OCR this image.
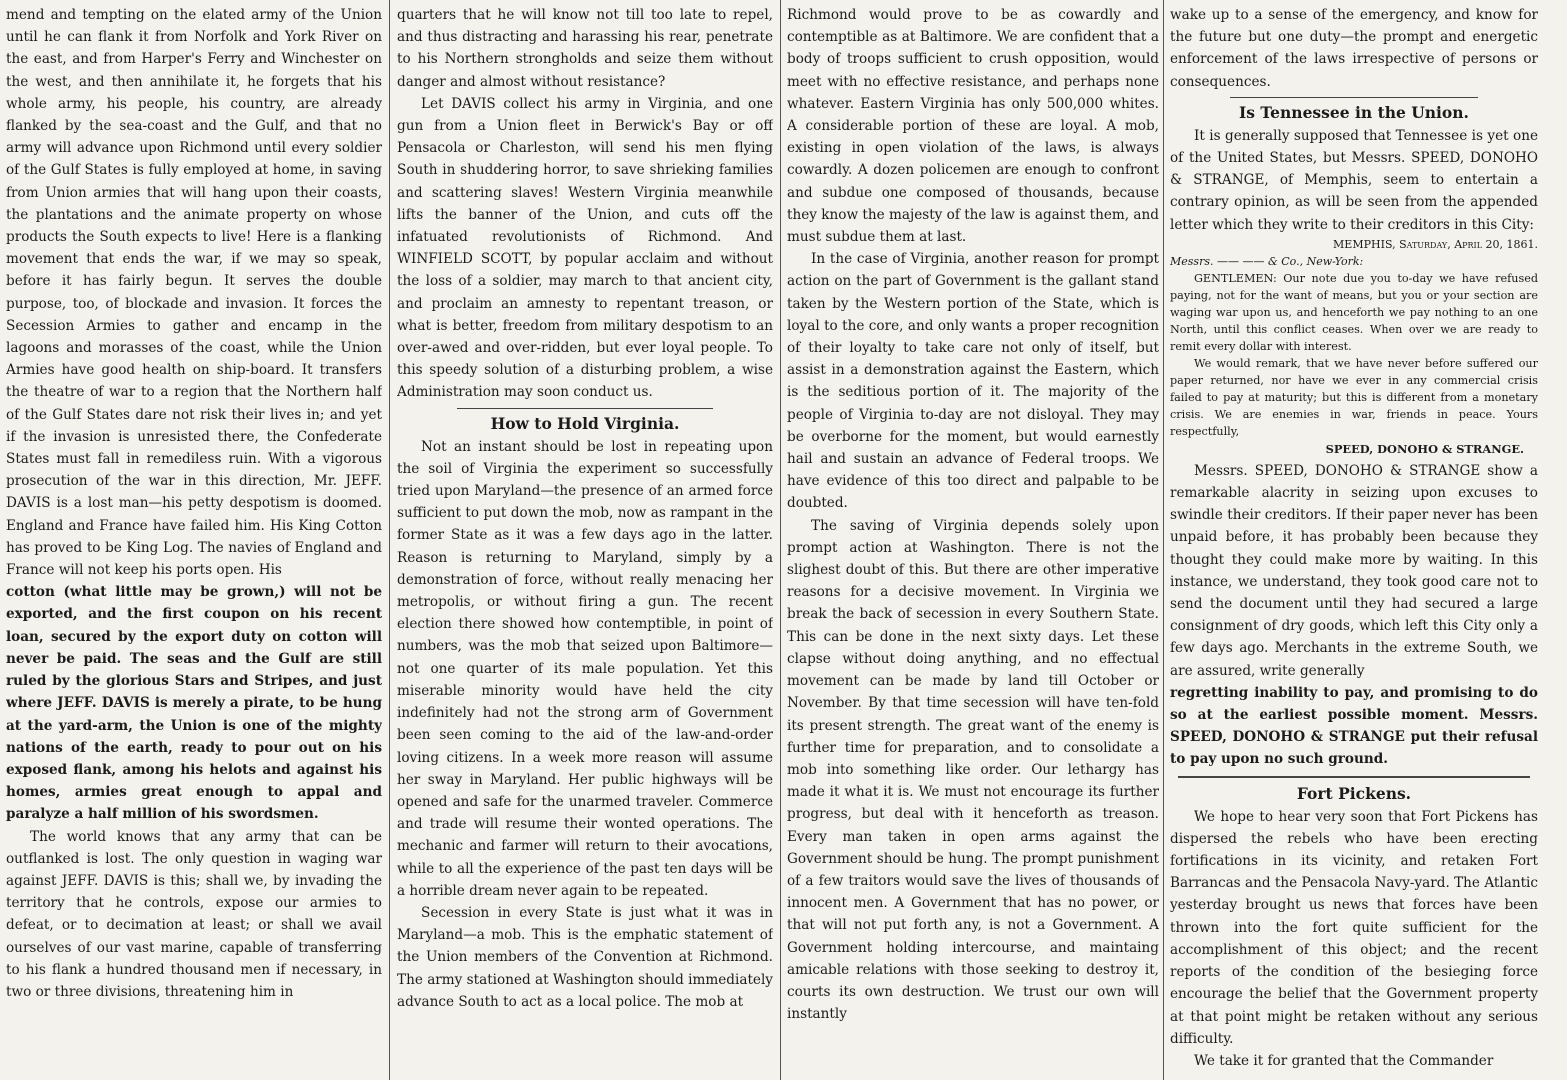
mend and tempting on the elated army of the Union until he can flank it from Norfolk and York River on the east, and from Harper's Ferry and Winchester on the west, and then annihilate it, he forgets that his whole army, his people, his country, are already flanked by the sea-coast and the Gulf, and that no army will advance upon Richmond until every soldier of the Gulf States is fully employed at home, in saving from Union armies that will hang upon their coasts, the plantations and the animate property on whose products the South expects to live! Here is a flanking movement that ends the war, if we may so speak, before it has fairly begun. It serves the double purpose, too, of blockade and invasion. It forces the Secession Armies to gather and encamp in the lagoons and morasses of the coast, while the Union Armies have good health on ship-board. It transfers the theatre of war to a region that the Northern half of the Gulf States dare not risk their lives in; and yet if the invasion is unresisted there, the Confederate States must fall in remediless ruin. With a vigorous prosecution of the war in this direction, Mr. JEFF. DAVIS is a lost man—his petty despotism is doomed. England and France have failed him. His King Cotton has proved to be King Log. The navies of England and France will not keep his ports open. His

cotton (what little may be grown,) will not be exported, and the first coupon on his recent loan, secured by the export duty on cotton will never be paid. The seas and the Gulf are still ruled by the glorious Stars and Stripes, and just where JEFF. DAVIS is merely a pirate, to be hung at the yard-arm, the Union is one of the mighty nations of the earth, ready to pour out on his exposed flank, among his helots and against his homes, armies great enough to appal and paralyze a half million of his swordsmen.

The world knows that any army that can be outflanked is lost. The only question in waging war against JEFF. DAVIS is this; shall we, by invading the territory that he controls, expose our armies to defeat, or to decimation at least; or shall we avail ourselves of our vast marine, capable of transferring to his flank a hundred thousand men if necessary, in two or three divisions, threatening him in

quarters that he will know not till too late to repel, and thus distracting and harassing his rear, penetrate to his Northern strongholds and seize them without danger and almost without resistance?

Let DAVIS collect his army in Virginia, and one gun from a Union fleet in Berwick's Bay or off Pensacola or Charleston, will send his men flying South in shuddering horror, to save shrieking families and scattering slaves! Western Virginia meanwhile lifts the banner of the Union, and cuts off the infatuated revolutionists of Richmond. And WINFIELD SCOTT, by popular acclaim and without the loss of a soldier, may march to that ancient city, and proclaim an amnesty to repentant treason, or what is better, freedom from military despotism to an over-awed and over-ridden, but ever loyal people. To this speedy solution of a disturbing problem, a wise Administration may soon conduct us.

How to Hold Virginia.

Not an instant should be lost in repeating upon the soil of Virginia the experiment so successfully tried upon Maryland—the presence of an armed force sufficient to put down the mob, now as rampant in the former State as it was a few days ago in the latter. Reason is returning to Maryland, simply by a demonstration of force, without really menacing her metropolis, or without firing a gun. The recent election there showed how contemptible, in point of numbers, was the mob that seized upon Baltimore—not one quarter of its male population. Yet this miserable minority would have held the city indefinitely had not the strong arm of Government been seen coming to the aid of the law-and-order loving citizens. In a week more reason will assume her sway in Maryland. Her public highways will be opened and safe for the unarmed traveler. Commerce and trade will resume their wonted operations. The mechanic and farmer will return to their avocations, while to all the experience of the past ten days will be a horrible dream never again to be repeated.

Secession in every State is just what it was in Maryland—a mob. This is the emphatic statement of the Union members of the Convention at Richmond. The army stationed at Washington should immediately advance South to act as a local police. The mob at

Richmond would prove to be as cowardly and contemptible as at Baltimore. We are confident that a body of troops sufficient to crush opposition, would meet with no effective resistance, and perhaps none whatever. Eastern Virginia has only 500,000 whites. A considerable portion of these are loyal. A mob, existing in open violation of the laws, is always cowardly. A dozen policemen are enough to confront and subdue one composed of thousands, because they know the majesty of the law is against them, and must subdue them at last.

In the case of Virginia, another reason for prompt action on the part of Government is the gallant stand taken by the Western portion of the State, which is loyal to the core, and only wants a proper recognition of their loyalty to take care not only of itself, but assist in a demonstration against the Eastern, which is the seditious portion of it. The majority of the people of Virginia to-day are not disloyal. They may be overborne for the moment, but would earnestly hail and sustain an advance of Federal troops. We have evidence of this too direct and palpable to be doubted.

The saving of Virginia depends solely upon prompt action at Washington. There is not the slighest doubt of this. But there are other imperative reasons for a decisive movement. In Virginia we break the back of secession in every Southern State. This can be done in the next sixty days. Let these clapse without doing anything, and no effectual movement can be made by land till October or November. By that time secession will have ten-fold its present strength. The great want of the enemy is further time for preparation, and to consolidate a mob into something like order. Our lethargy has made it what it is. We must not encourage its further progress, but deal with it henceforth as treason. Every man taken in open arms against the Government should be hung. The prompt punishment of a few traitors would save the lives of thousands of innocent men. A Government that has no power, or that will not put forth any, is not a Government. A Government holding intercourse, and maintaing amicable relations with those seeking to destroy it, courts its own destruction. We trust our own will instantly

wake up to a sense of the emergency, and know for the future but one duty—the prompt and energetic enforcement of the laws irrespective of persons or consequences.

Is Tennessee in the Union.

It is generally supposed that Tennessee is yet one of the United States, but Messrs. SPEED, DONOHO & STRANGE, of Memphis, seem to entertain a contrary opinion, as will be seen from the appended letter which they write to their creditors in this City:

MEMPHIS, Saturday, April 20, 1861.
Messrs. —— —— & Co., New-York:

GENTLEMEN: Our note due you to-day we have refused paying, not for the want of means, but you or your section are waging war upon us, and henceforth we pay nothing to an one North, until this conflict ceases. When over we are ready to remit every dollar with interest.

We would remark, that we have never before suffered our paper returned, nor have we ever in any commercial crisis failed to pay at maturity; but this is different from a monetary crisis. We are enemies in war, friends in peace. Yours respectfully,

SPEED, DONOHO & STRANGE.

Messrs. SPEED, DONOHO & STRANGE show a remarkable alacrity in seizing upon excuses to swindle their creditors. If their paper never has been unpaid before, it has probably been because they thought they could make more by waiting. In this instance, we understand, they took good care not to send the document until they had secured a large consignment of dry goods, which left this City only a few days ago. Merchants in the extreme South, we are assured, write generally

regretting inability to pay, and promising to do so at the earliest possible moment. Messrs. SPEED, DONOHO & STRANGE put their refusal to pay upon no such ground.

Fort Pickens.

We hope to hear very soon that Fort Pickens has dispersed the rebels who have been erecting fortifications in its vicinity, and retaken Fort Barrancas and the Pensacola Navy-yard. The Atlantic yesterday brought us news that forces have been thrown into the fort quite sufficient for the accomplishment of this object; and the recent reports of the condition of the besieging force encourage the belief that the Government property at that point might be retaken without any serious difficulty.

We take it for granted that the Commander
